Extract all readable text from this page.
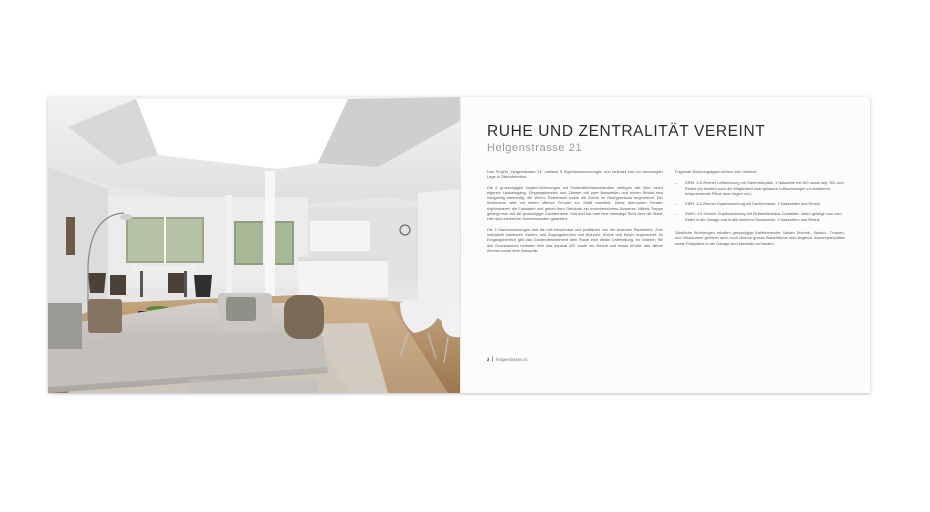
RUHE UND ZENTRALITÄT VEREINT
Helgenstrasse 21

Das Projekt „Helgenstrasse 21“ umfasst 9 Eigentumswohnungen und befindet sich an bevorzugter Lage in Oberwinterthur.

Die 6 grosszügigen Duplex-Wohnungen mit Einfamilienhauscharakter verfügen alle über einen eigenen Hauseingang. Eingangsbereich und Zimmer mit zwei Nasszellen und einem Reduit sind hangseitig ebenerdig, der Wohn- Essbereich sowie die Küche im Obergeschoss angeordnet. Der Wohnraum wird mit einem offenen Fenster zur Stadt erweitert. Diese überhohen Fenster rhythmisieren die Fassaden und geben dem Gebäude ein unverkennbares Äusseres. Mittels Treppe gelangt man auf die grosszügige Dachterrasse. Von dort hat man eine einmalige Sicht über die Stadt. Hier sind zahlreiche Sonnenstunden garantiert.

Die 3 Gartenwohnungen und als Loft bewohnbar und profitieren von der enormen Raumhöhe. Zum individuell nutzbaren Garten- und Zugangsbereich und Wohnen, Küche und Essen angeordnet. Im Eingangsbereich gibt das Garderobenelement dem Raum eine ideale Unterteilung. Im hinteren Teil des Grossraumes befinden sich das separat WC sowie ein Reduit und etwas erhöht, das offene Zimmer sowie eine Nasszelle.

Folgende Wohnungstypen stehen zum Verkauf:

–	DREI: 2.5 Zimmer Loftwohnung mit Gartensitzplatz, 1 Nasszelle mit WC sowie sep. WC und Reduit (es besteht auch die Möglichkeit zwei grössere Loftwohnungen zu realisieren, entsprechende Pläne dazu liegen vor.)
–	VIER: 3.5 Zimmer Duplexwohnung mit Dachterrasse, 2 Nasszellen und Reduit
–	ZWEI: 4.5 Zimmer Duplexwohnung mit Einfamilienhaus-Charakter. Intern gelangt man vom Keller in die Garage und in alle weiteren Stockwerke, 2 Nasszellen und Reduit

Sämtliche Wohnungen erhalten grosszügige Kellerbereiche. Neben Technik-, Wasch-, Trocken- und Velorkumen gehören auch noch diverse grosse Bastelräume zum Angebot. Aussenparkplätze sowie Parkplätze in der Garage sind ebenfalls vorhanden.

2 helgenstrasse.ch
